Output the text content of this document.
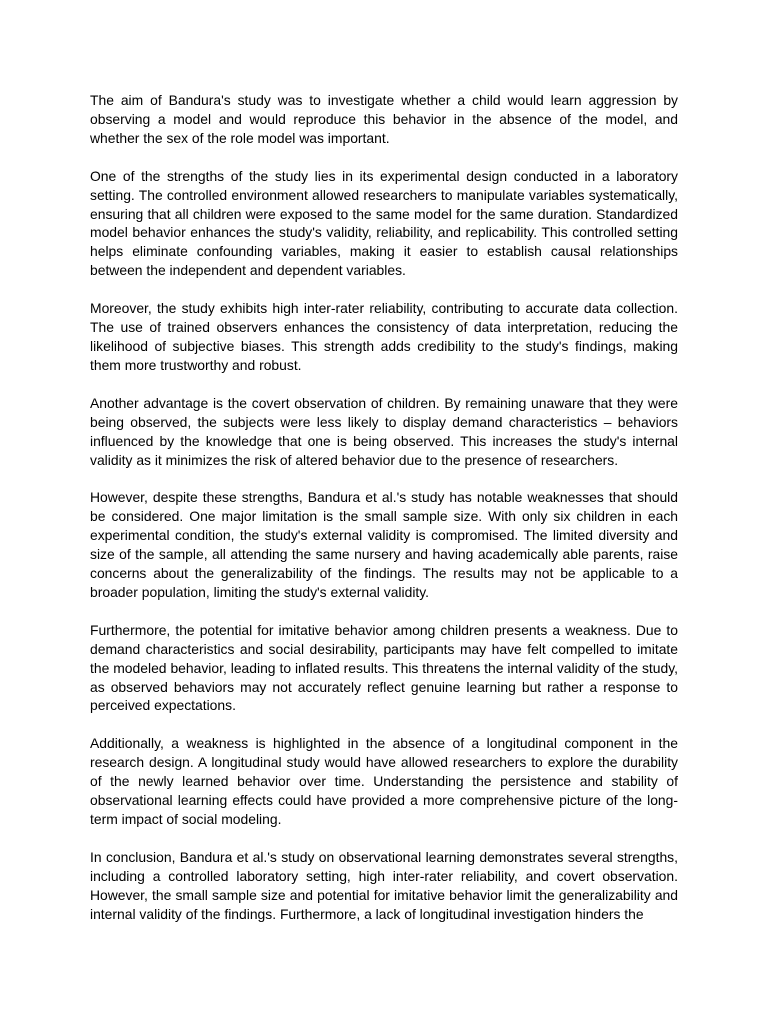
The aim of Bandura's study was to investigate whether a child would learn aggression by observing a model and would reproduce this behavior in the absence of the model, and whether the sex of the role model was important.

One of the strengths of the study lies in its experimental design conducted in a laboratory setting. The controlled environment allowed researchers to manipulate variables systematically, ensuring that all children were exposed to the same model for the same duration. Standardized model behavior enhances the study's validity, reliability, and replicability. This controlled setting helps eliminate confounding variables, making it easier to establish causal relationships between the independent and dependent variables.

Moreover, the study exhibits high inter-rater reliability, contributing to accurate data collection. The use of trained observers enhances the consistency of data interpretation, reducing the likelihood of subjective biases. This strength adds credibility to the study's findings, making them more trustworthy and robust.

Another advantage is the covert observation of children. By remaining unaware that they were being observed, the subjects were less likely to display demand characteristics – behaviors influenced by the knowledge that one is being observed. This increases the study's internal validity as it minimizes the risk of altered behavior due to the presence of researchers.

However, despite these strengths, Bandura et al.'s study has notable weaknesses that should be considered. One major limitation is the small sample size. With only six children in each experimental condition, the study's external validity is compromised. The limited diversity and size of the sample, all attending the same nursery and having academically able parents, raise concerns about the generalizability of the findings. The results may not be applicable to a broader population, limiting the study's external validity.

Furthermore, the potential for imitative behavior among children presents a weakness. Due to demand characteristics and social desirability, participants may have felt compelled to imitate the modeled behavior, leading to inflated results. This threatens the internal validity of the study, as observed behaviors may not accurately reflect genuine learning but rather a response to perceived expectations.

Additionally, a weakness is highlighted in the absence of a longitudinal component in the research design. A longitudinal study would have allowed researchers to explore the durability of the newly learned behavior over time. Understanding the persistence and stability of observational learning effects could have provided a more comprehensive picture of the long-term impact of social modeling.

In conclusion, Bandura et al.'s study on observational learning demonstrates several strengths, including a controlled laboratory setting, high inter-rater reliability, and covert observation. However, the small sample size and potential for imitative behavior limit the generalizability and internal validity of the findings. Furthermore, a lack of longitudinal investigation hinders the
